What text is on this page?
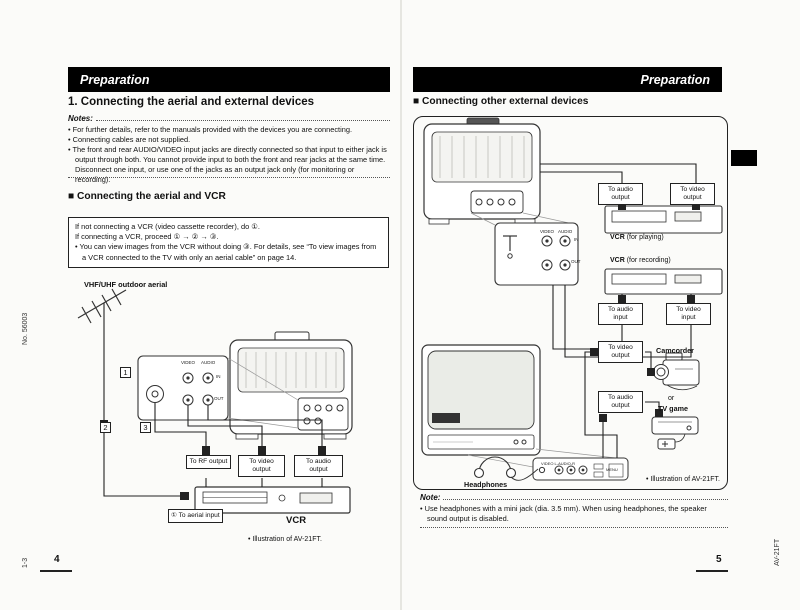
Preparation
1. Connecting the aerial and external devices
Notes:
• For further details, refer to the manuals provided with the devices you are connecting.
• Connecting cables are not supplied.
• The front and rear AUDIO/VIDEO input jacks are directly connected so that input to either jack is output through both. You cannot provide input to both the front and rear jacks at the same time. Disconnect one input, or use one of the jacks as an output jack only (for monitoring or recording).
■ Connecting the aerial and VCR
If not connecting a VCR (video cassette recorder), do ①.
If connecting a VCR, proceed ① → ② → ③.
• You can view images from the VCR without doing ③. For details, see “To view images from a VCR connected to the TV with only an aerial cable” on page 14.
VHF/UHF outdoor aerial
1
2	3
VIDEO AUDIO
IN
OUT
To RF output	To video output
To audio output
① To aerial input	VCR
• Illustration of AV-21FT.
4
No. 56003
1-3
Preparation
■ Connecting other external devices
To audio output
To video output
VCR (for playing)
VCR (for recording)
To audio input
To video input
To video output
To audio output
Camcorder
or
TV game
Headphones
VIDEO AUDIO
IN
OUT
VIDEO L-AUDIO-R
MENU
• Illustration of AV-21FT.
Note:
• Use headphones with a mini jack (dia. 3.5 mm). When using headphones, the speaker sound output is disabled.
5	AV-21FT
